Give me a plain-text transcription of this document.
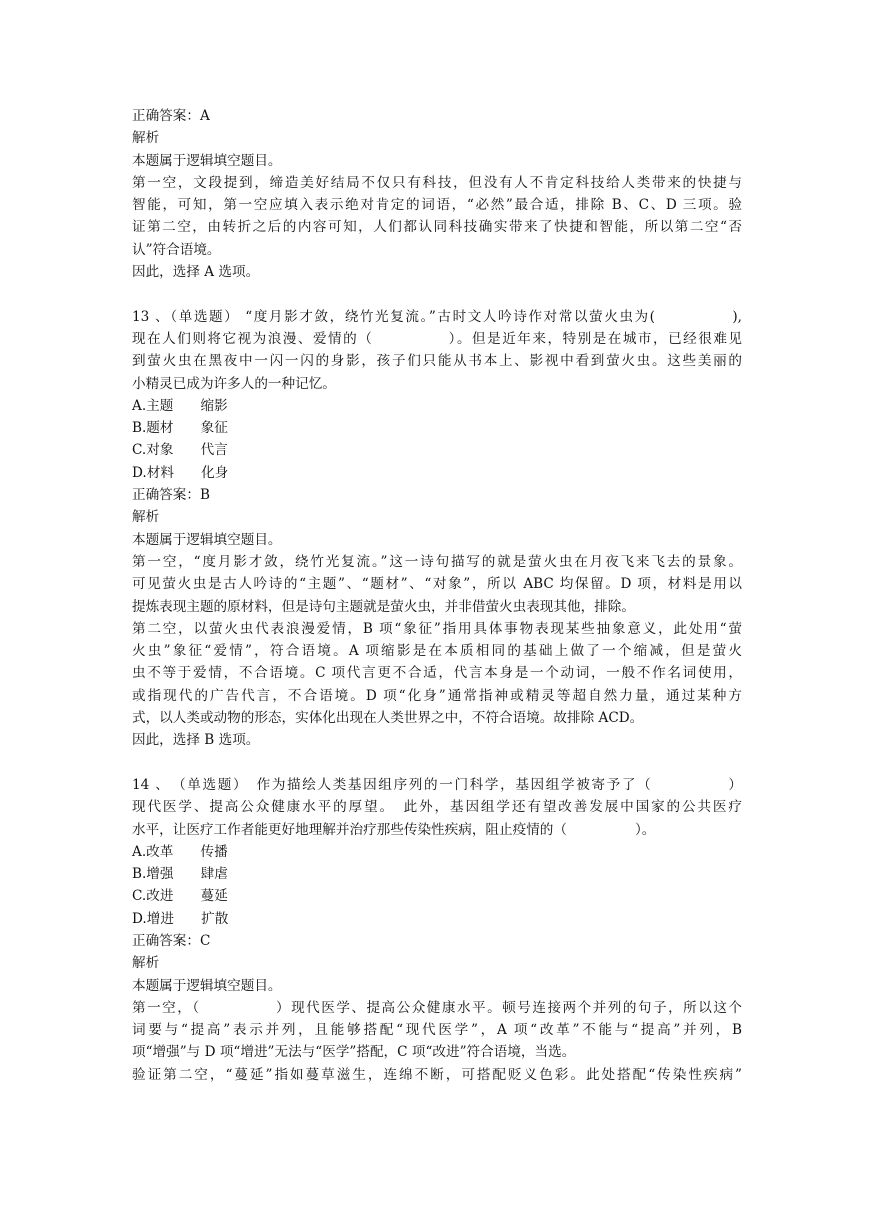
正确答案：A
解析
本题属于逻辑填空题目。
第一空，文段提到，缔造美好结局不仅只有科技，但没有人不肯定科技给人类带来的快捷与
智能，可知，第一空应填入表示绝对肯定的词语，“必然”最合适，排除 B、C、D 三项。验
证第二空，由转折之后的内容可知，人们都认同科技确实带来了快捷和智能，所以第二空“否
认”符合语境。
因此，选择 A 选项。
13 、（单选题） “度月影才敛，绕竹光复流。”古时文人吟诗作对常以萤火虫为(　　　　　),
现在人们则将它视为浪漫、爱情的（　　　　　）。但是近年来，特别是在城市，已经很难见
到萤火虫在黑夜中一闪一闪的身影，孩子们只能从书本上、影视中看到萤火虫。这些美丽的
小精灵已成为许多人的一种记忆。
A.主题　　缩影
B.题材　　象征
C.对象　　代言
D.材料　　化身
正确答案：B
解析
本题属于逻辑填空题目。
第一空，“度月影才敛，绕竹光复流。”这一诗句描写的就是萤火虫在月夜飞来飞去的景象。
可见萤火虫是古人吟诗的“主题”、“题材”、“对象”，所以 ABC 均保留。D 项，材料是用以
提炼表现主题的原材料，但是诗句主题就是萤火虫，并非借萤火虫表现其他，排除。
第二空，以萤火虫代表浪漫爱情，B 项“象征”指用具体事物表现某些抽象意义，此处用“萤
火虫”象征“爱情”，符合语境。A 项缩影是在本质相同的基础上做了一个缩减，但是萤火
虫不等于爱情，不合语境。C 项代言更不合适，代言本身是一个动词，一般不作名词使用，
或指现代的广告代言，不合语境。D 项“化身”通常指神或精灵等超自然力量，通过某种方
式，以人类或动物的形态，实体化出现在人类世界之中，不符合语境。故排除 ACD。
因此，选择 B 选项。
14 、　（单选题）　作为描绘人类基因组序列的一门科学，基因组学被寄予了（　　　　　）
现代医学、提高公众健康水平的厚望。　此外，基因组学还有望改善发展中国家的公共医疗
水平，让医疗工作者能更好地理解并治疗那些传染性疾病，阻止疫情的（　　　　　）。
A.改革　　传播
B.增强　　肆虐
C.改进　　蔓延
D.增进　　扩散
正确答案：C
解析
本题属于逻辑填空题目。
第一空，（　　　　　）现代医学、提高公众健康水平。顿号连接两个并列的句子，所以这个
词要与“提高”表示并列，且能够搭配“现代医学”，A 项“改革”不能与“提高”并列，B
项“增强”与 D 项“增进”无法与“医学”搭配，C 项“改进”符合语境，当选。
验证第二空，“蔓延”指如蔓草滋生，连绵不断，可搭配贬义色彩。此处搭配“传染性疾病”
